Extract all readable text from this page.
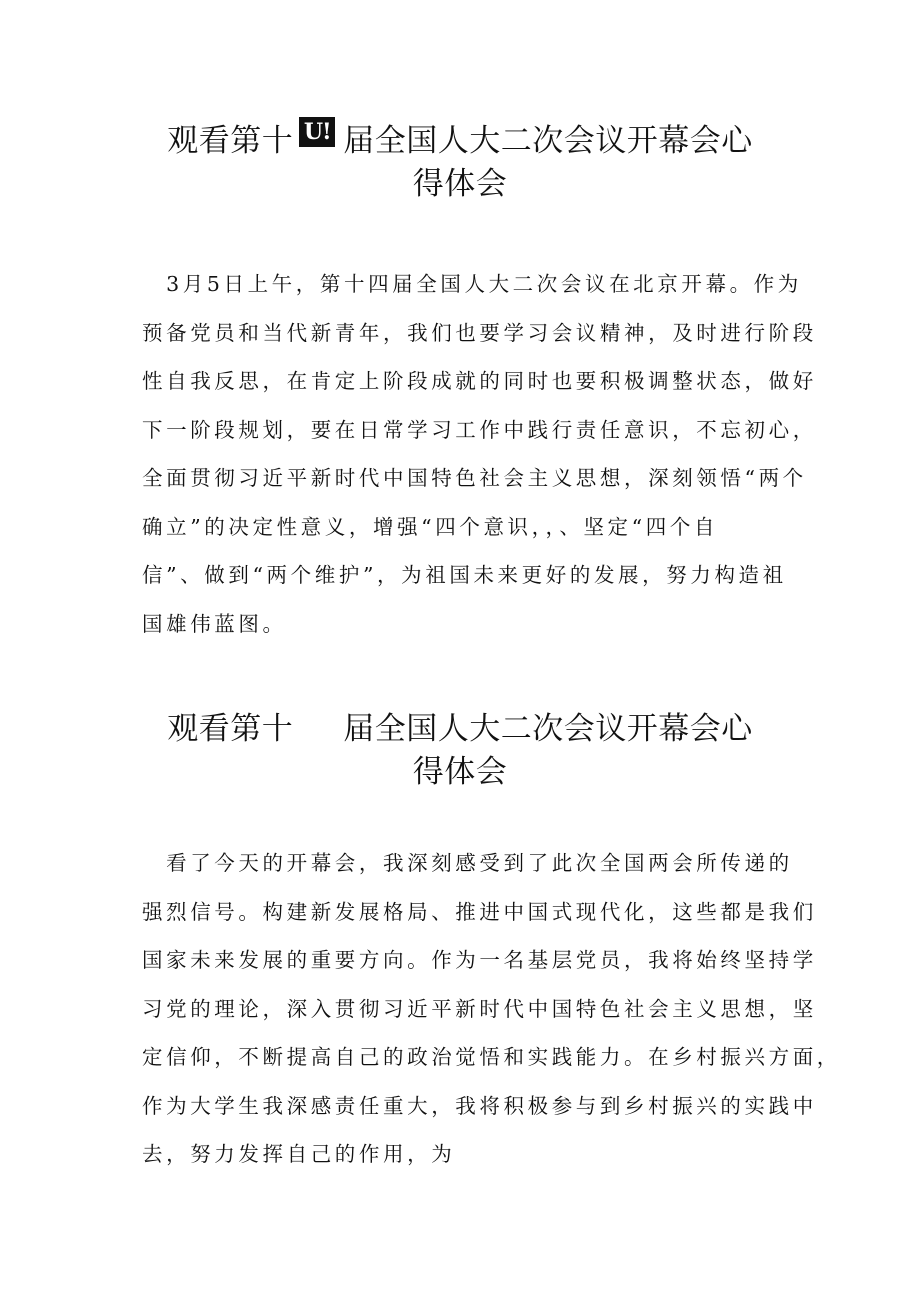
观看第十 U! 届全国人大二次会议开幕会心
得体会
　3月5日上午，第十四届全国人大二次会议在北京开幕。作为
预备党员和当代新青年，我们也要学习会议精神，及时进行阶段
性自我反思，在肯定上阶段成就的同时也要积极调整状态，做好
下一阶段规划，要在日常学习工作中践行责任意识，不忘初心，
全面贯彻习近平新时代中国特色社会主义思想，深刻领悟“两个
确立”的决定性意义，增强“四个意识，，、坚定“四个自
信”、做到“两个维护”，为祖国未来更好的发展，努力构造祖
国雄伟蓝图。
观看第十 届全国人大二次会议开幕会心
得体会
　看了今天的开幕会，我深刻感受到了此次全国两会所传递的
强烈信号。构建新发展格局、推进中国式现代化，这些都是我们
国家未来发展的重要方向。作为一名基层党员，我将始终坚持学
习党的理论，深入贯彻习近平新时代中国特色社会主义思想，坚
定信仰，不断提高自己的政治觉悟和实践能力。在乡村振兴方面，
作为大学生我深感责任重大，我将积极参与到乡村振兴的实践中
去，努力发挥自己的作用，为
